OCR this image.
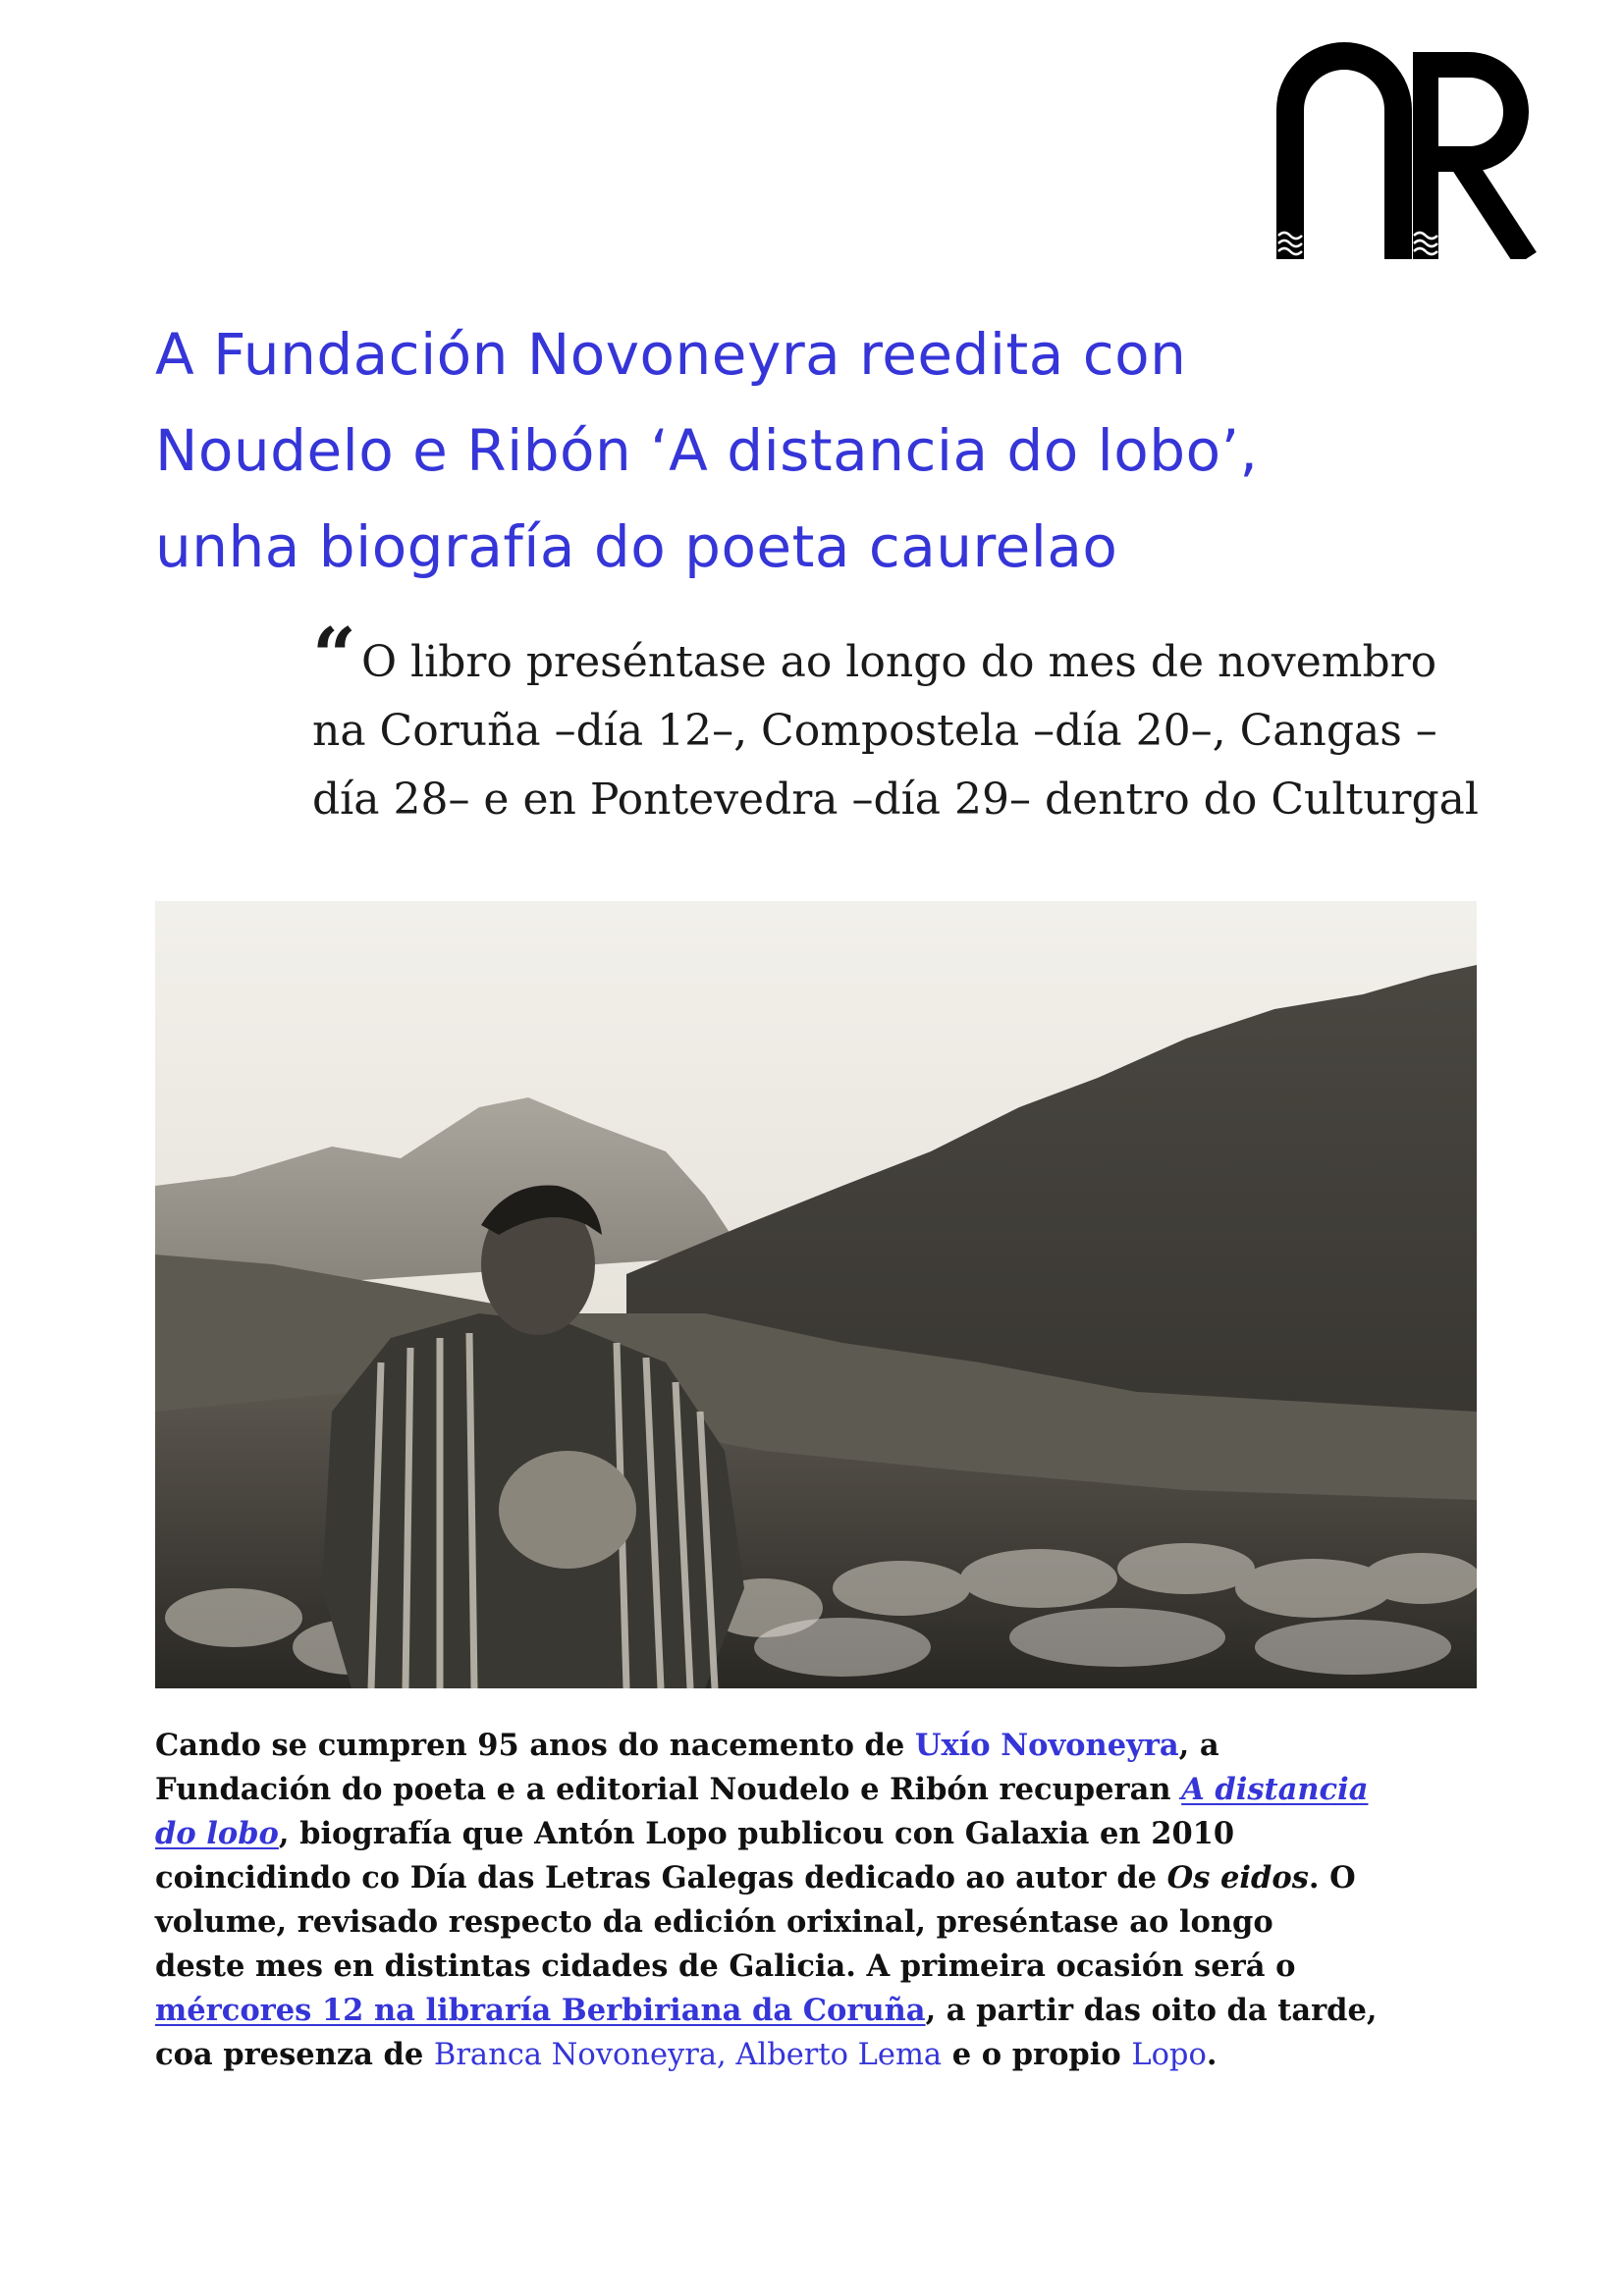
A Fundación Novoneyra reedita con
Noudelo e Ribón ‘A distancia do lobo’,
unha biografía do poeta caurelao
“ O libro preséntase ao longo do mes de novembro
na Coruña –día 12–, Compostela –día 20–, Cangas –
día 28– e en Pontevedra –día 29– dentro do Culturgal
Cando se cumpren 95 anos do nacemento de Uxío Novoneyra, a
Fundación do poeta e a editorial Noudelo e Ribón recuperan A distancia
do lobo, biografía que Antón Lopo publicou con Galaxia en 2010
coincidindo co Día das Letras Galegas dedicado ao autor de Os eidos. O
volume, revisado respecto da edición orixinal, preséntase ao longo
deste mes en distintas cidades de Galicia. A primeira ocasión será o
mércores 12 na libraría Berbiriana da Coruña, a partir das oito da tarde,
coa presenza de Branca Novoneyra, Alberto Lema e o propio Lopo.
